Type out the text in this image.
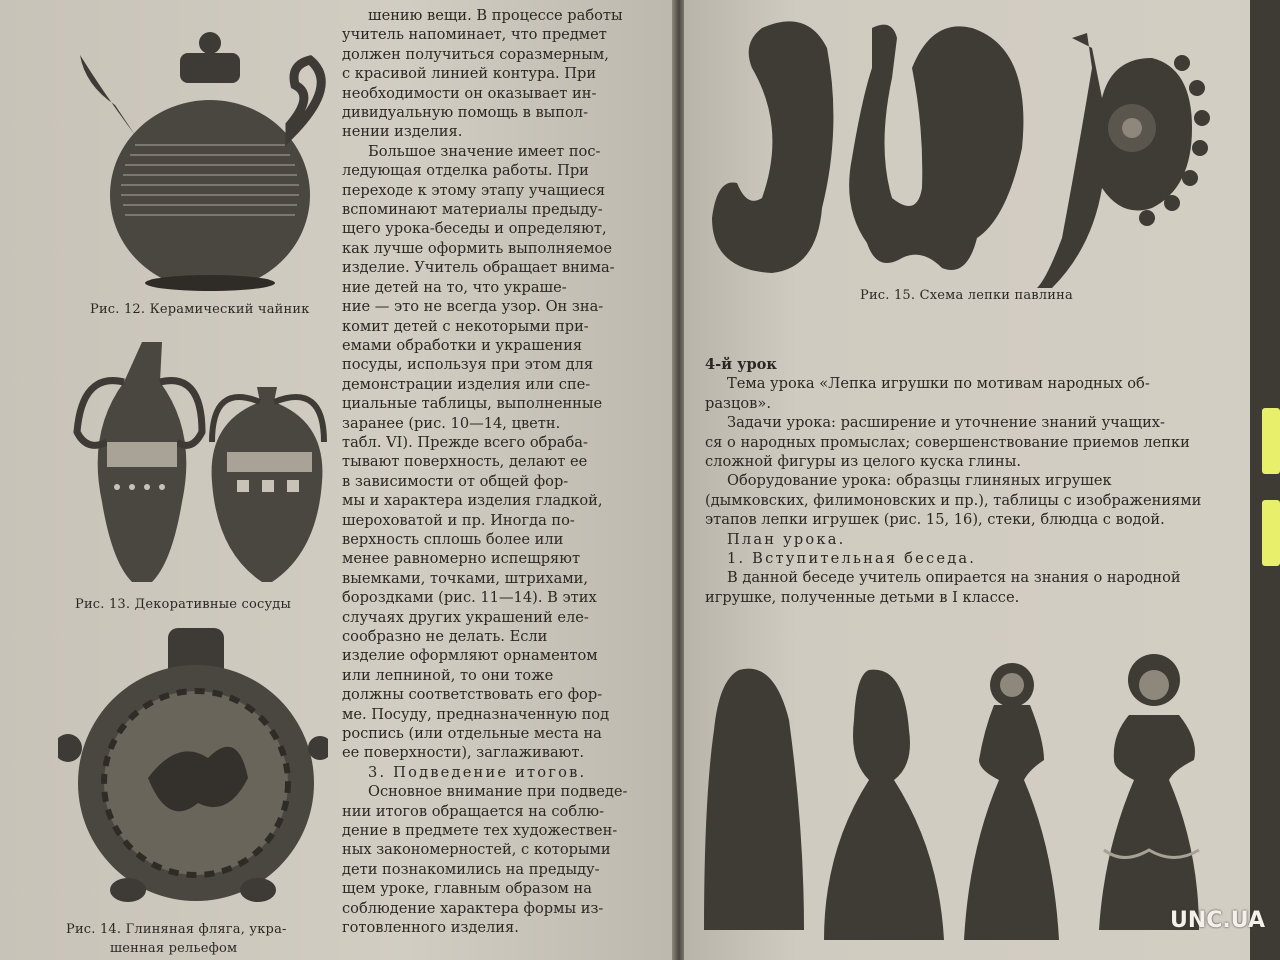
Рис. 12. Керамический чайник
Рис. 13. Декоративные сосуды
Рис. 14. Глиняная фляга, укра-
шенная рельефом

шению вещи. В процессе работы

учитель напоминает, что предмет

должен получиться соразмерным,

с красивой линией контура. При

необходимости он оказывает ин-

дивидуальную помощь в выпол-

нении изделия.

Большое значение имеет пос-

ледующая отделка работы. При

переходе к этому этапу учащиеся

вспоминают материалы предыду-

щего урока-беседы и определяют,

как лучше оформить выполняемое

изделие. Учитель обращает внима-

ние детей на то, что украше-

ние — это не всегда узор. Он зна-

комит детей с некоторыми при-

емами обработки и украшения

посуды, используя при этом для

демонстрации изделия или спе-

циальные таблицы, выполненные

заранее (рис. 10—14, цветн.

табл. VI). Прежде всего обраба-

тывают поверхность, делают ее

в зависимости от общей фор-

мы и характера изделия гладкой,

шероховатой и пр. Иногда по-

верхность сплошь более или

менее равномерно испещряют

выемками, точками, штрихами,

бороздками (рис. 11—14). В этих

случаях других украшений еле-

сообразно не делать. Если

изделие оформляют орнаментом

или лепниной, то они тоже

должны соответствовать его фор-

ме. Посуду, предназначенную под

роспись (или отдельные места на

ее поверхности), заглаживают.

3. Подведение итогов.

Основное внимание при подведе-

нии итогов обращается на соблю-

дение в предмете тех художествен-

ных закономерностей, с которыми

дети познакомились на предыду-

щем уроке, главным образом на

соблюдение характера формы из-

готовленного изделия.

Рис. 15. Схема лепки павлина

4-й урок

Тема урока «Лепка игрушки по мотивам народных об-

разцов».

Задачи урока: расширение и уточнение знаний учащих-

ся о народных промыслах; совершенствование приемов лепки

сложной фигуры из целого куска глины.

Оборудование урока: образцы глиняных игрушек

(дымковских, филимоновских и пр.), таблицы с изображениями

этапов лепки игрушек (рис. 15, 16), стеки, блюдца с водой.

План урока.

1. Вступительная беседа.

В данной беседе учитель опирается на знания о народной

игрушке, полученные детьми в I классе.

UNC.UA
